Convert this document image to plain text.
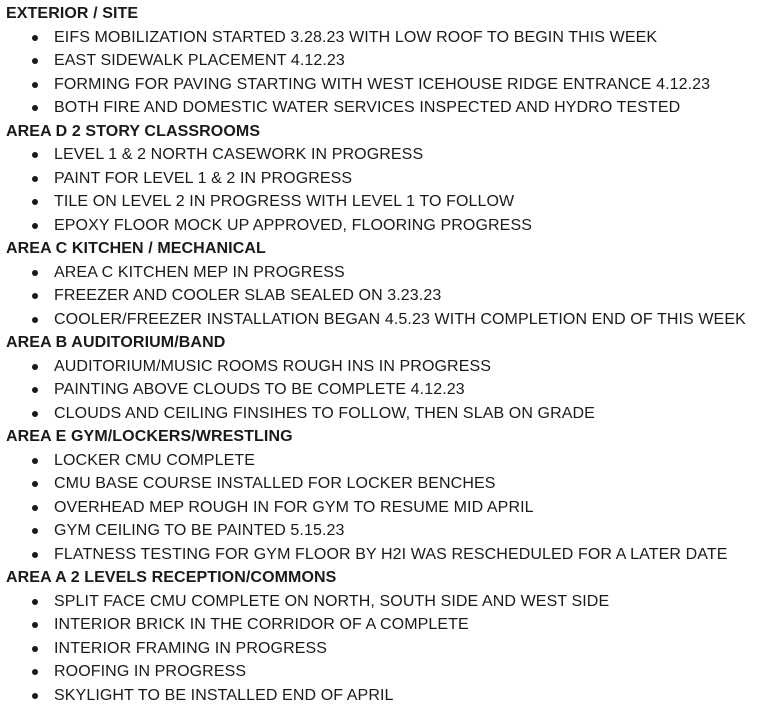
EXTERIOR / SITE
EIFS MOBILIZATION STARTED 3.28.23 WITH LOW ROOF TO BEGIN THIS WEEK
EAST SIDEWALK PLACEMENT 4.12.23
FORMING FOR PAVING STARTING WITH WEST ICEHOUSE RIDGE ENTRANCE 4.12.23
BOTH FIRE AND DOMESTIC WATER SERVICES INSPECTED AND HYDRO TESTED
AREA D 2 STORY CLASSROOMS
LEVEL 1 & 2 NORTH CASEWORK IN PROGRESS
PAINT FOR LEVEL 1 & 2 IN PROGRESS
TILE ON LEVEL 2 IN PROGRESS WITH LEVEL 1 TO FOLLOW
EPOXY FLOOR MOCK UP APPROVED, FLOORING PROGRESS
AREA C KITCHEN / MECHANICAL
AREA C KITCHEN MEP IN PROGRESS
FREEZER AND COOLER SLAB SEALED ON 3.23.23
COOLER/FREEZER INSTALLATION BEGAN 4.5.23 WITH COMPLETION END OF THIS WEEK
AREA B AUDITORIUM/BAND
AUDITORIUM/MUSIC ROOMS ROUGH INS IN PROGRESS
PAINTING ABOVE CLOUDS TO BE COMPLETE 4.12.23
CLOUDS AND CEILING FINSIHES TO FOLLOW, THEN SLAB ON GRADE
AREA E GYM/LOCKERS/WRESTLING
LOCKER CMU COMPLETE
CMU BASE COURSE INSTALLED FOR LOCKER BENCHES
OVERHEAD MEP ROUGH IN FOR GYM TO RESUME MID APRIL
GYM CEILING TO BE PAINTED 5.15.23
FLATNESS TESTING FOR GYM FLOOR BY H2I WAS RESCHEDULED FOR A LATER DATE
AREA A 2 LEVELS RECEPTION/COMMONS
SPLIT FACE CMU COMPLETE ON NORTH, SOUTH SIDE AND WEST SIDE
INTERIOR BRICK IN THE CORRIDOR OF A COMPLETE
INTERIOR FRAMING IN PROGRESS
ROOFING IN PROGRESS
SKYLIGHT TO BE INSTALLED END OF APRIL
